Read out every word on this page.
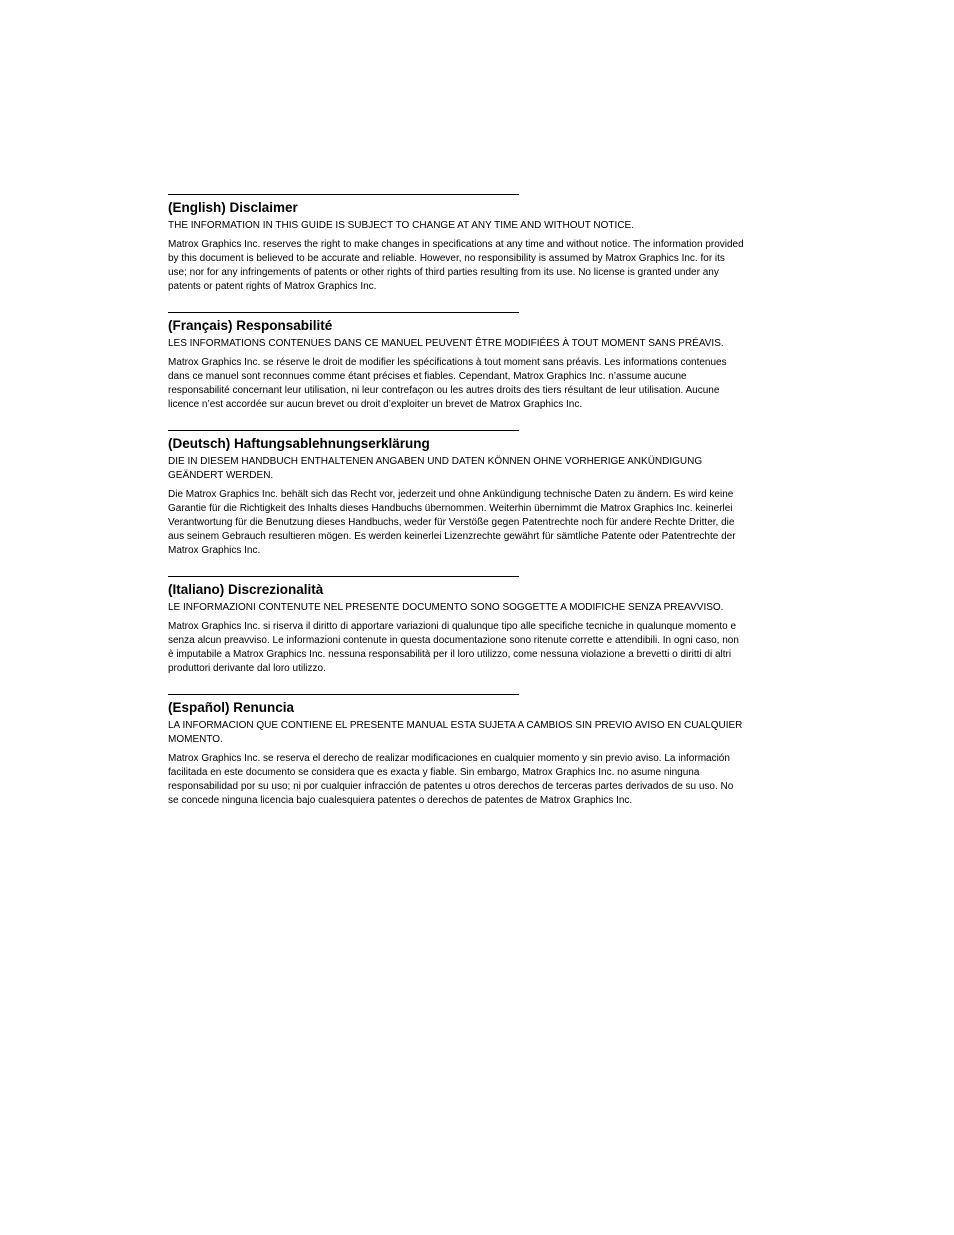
(English) Disclaimer

THE INFORMATION IN THIS GUIDE IS SUBJECT TO CHANGE AT ANY TIME AND WITHOUT NOTICE.

Matrox Graphics Inc. reserves the right to make changes in specifications at any time and without notice. The information provided by this document is believed to be accurate and reliable. However, no responsibility is assumed by Matrox Graphics Inc. for its use; nor for any infringements of patents or other rights of third parties resulting from its use. No license is granted under any patents or patent rights of Matrox Graphics Inc.

(Français) Responsabilité

LES INFORMATIONS CONTENUES DANS CE MANUEL PEUVENT ÊTRE MODIFIÉES À TOUT MOMENT SANS PRÉAVIS.

Matrox Graphics Inc. se réserve le droit de modifier les spécifications à tout moment sans préavis. Les informations contenues dans ce manuel sont reconnues comme étant précises et fiables. Cependant, Matrox Graphics Inc. n’assume aucune responsabilité concernant leur utilisation, ni leur contrefaçon ou les autres droits des tiers résultant de leur utilisation. Aucune licence n’est accordée sur aucun brevet ou droit d’exploiter un brevet de Matrox Graphics Inc.

(Deutsch) Haftungsablehnungserklärung

DIE IN DIESEM HANDBUCH ENTHALTENEN ANGABEN UND DATEN KÖNNEN OHNE VORHERIGE ANKÜNDIGUNG GEÄNDERT WERDEN.

Die Matrox Graphics Inc. behält sich das Recht vor, jederzeit und ohne Ankündigung technische Daten zu ändern. Es wird keine Garantie für die Richtigkeit des Inhalts dieses Handbuchs übernommen. Weiterhin übernimmt die Matrox Graphics Inc. keinerlei Verantwortung für die Benutzung dieses Handbuchs, weder für Verstöße gegen Patentrechte noch für andere Rechte Dritter, die aus seinem Gebrauch resultieren mögen. Es werden keinerlei Lizenzrechte gewährt für sämtliche Patente oder Patentrechte der Matrox Graphics Inc.

(Italiano) Discrezionalità

LE INFORMAZIONI CONTENUTE NEL PRESENTE DOCUMENTO SONO SOGGETTE A MODIFICHE SENZA PREAVVISO.

Matrox Graphics Inc. si riserva il diritto di apportare variazioni di qualunque tipo alle specifiche tecniche in qualunque momento e senza alcun preavviso. Le informazioni contenute in questa documentazione sono ritenute corrette e attendibili. In ogni caso, non è imputabile a Matrox Graphics Inc. nessuna responsabilità per il loro utilizzo, come nessuna violazione a brevetti o diritti di altri produttori derivante dal loro utilizzo.

(Español) Renuncia

LA INFORMACION QUE CONTIENE EL PRESENTE MANUAL ESTA SUJETA A CAMBIOS SIN PREVIO AVISO EN CUALQUIER MOMENTO.

Matrox Graphics Inc. se reserva el derecho de realizar modificaciones en cualquier momento y sin previo aviso. La información facilitada en este documento se considera que es exacta y fiable. Sin embargo, Matrox Graphics Inc. no asume ninguna responsabilidad por su uso; ni por cualquier infracción de patentes u otros derechos de terceras partes derivados de su uso. No se concede ninguna licencia bajo cualesquiera patentes o derechos de patentes de Matrox Graphics Inc.
